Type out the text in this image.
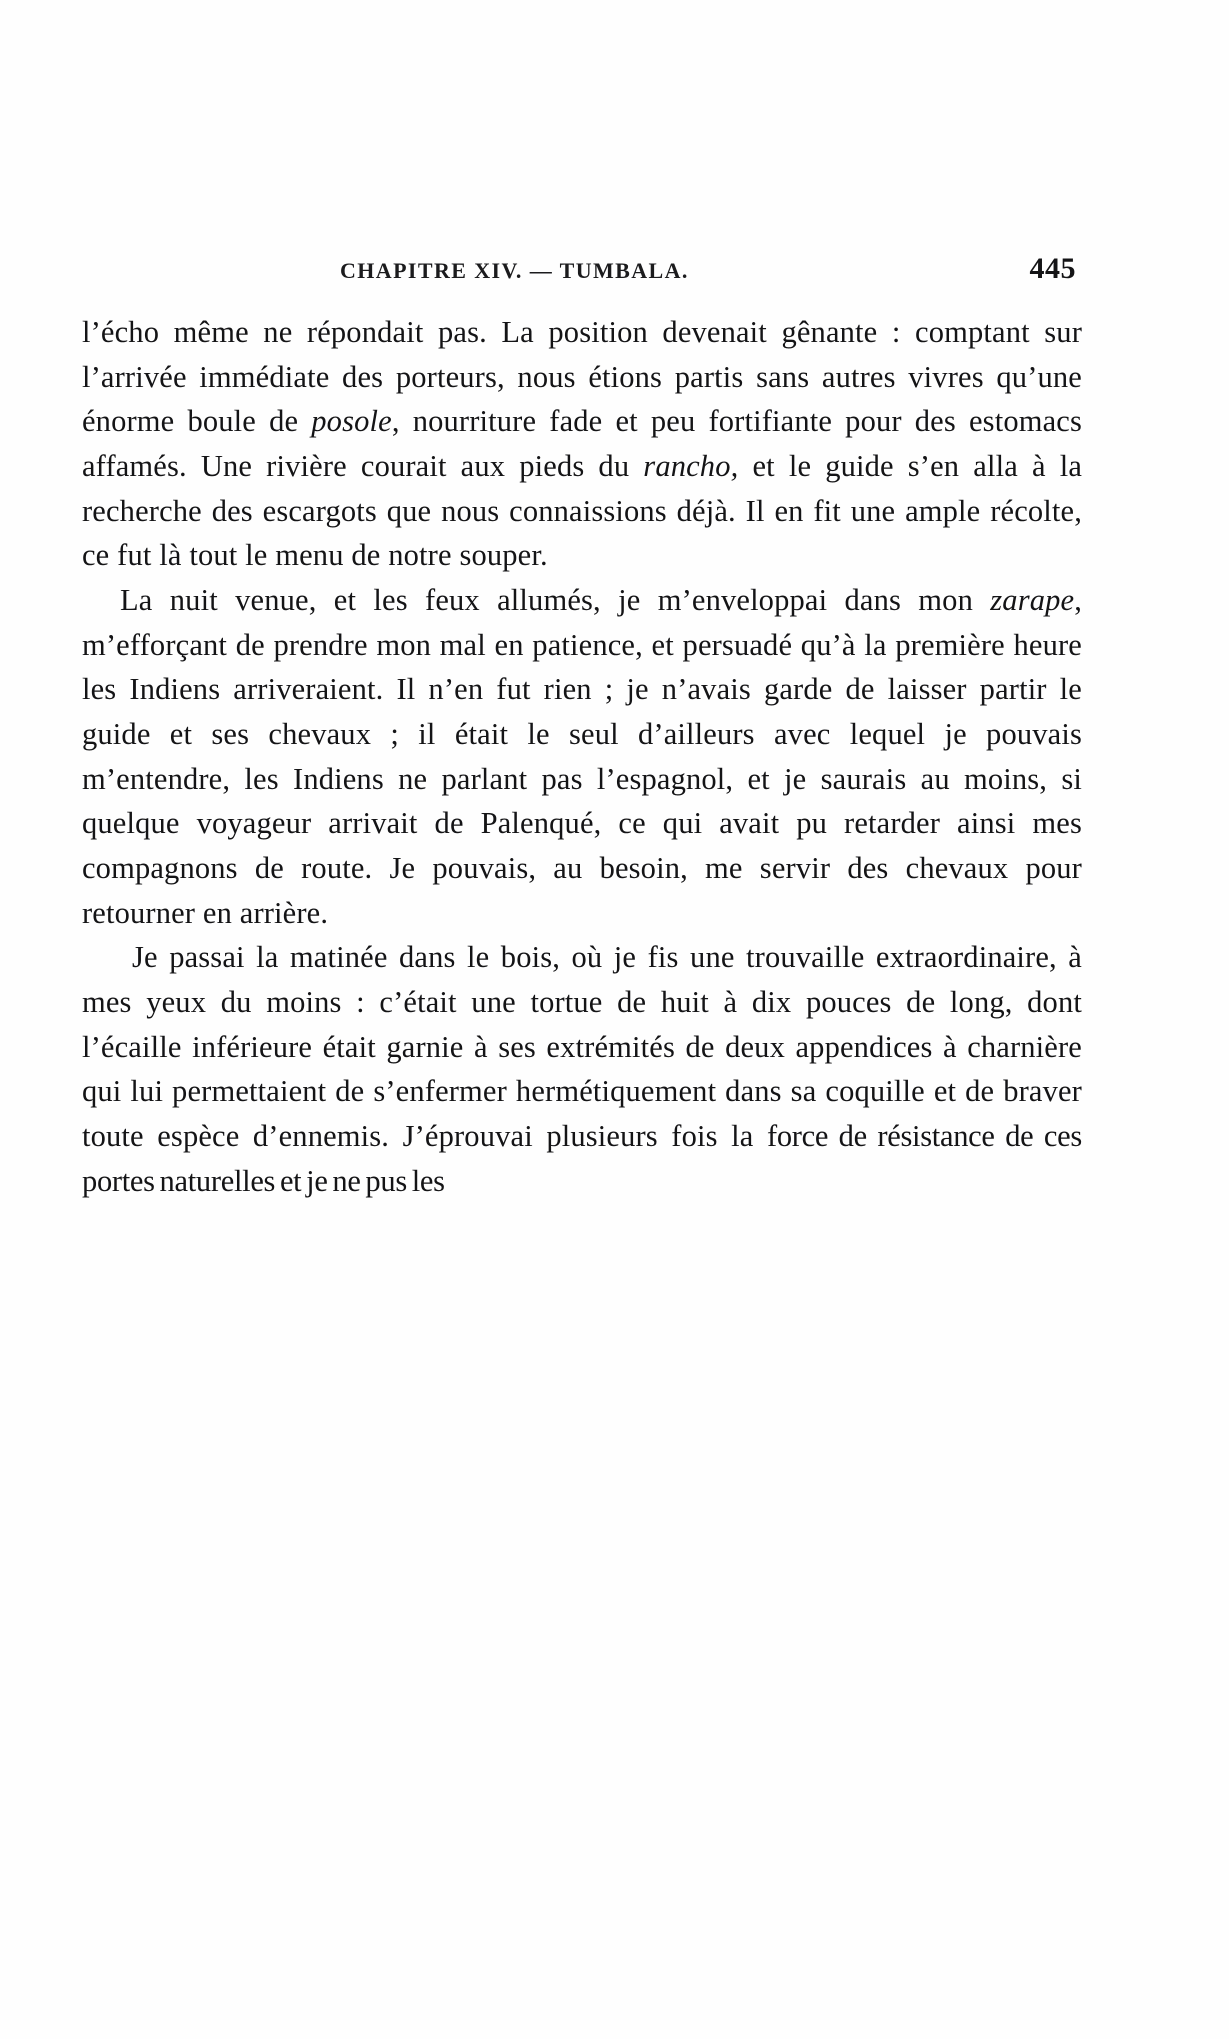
CHAPITRE XIV. — TUMBALA.	445

l’écho même ne répondait pas. La position devenait gênante : comptant sur l’arrivée immédiate des porteurs, nous étions partis sans autres vivres qu’une énorme boule de posole, nourriture fade et peu fortifiante pour des estomacs affamés. Une rivière courait aux pieds du rancho, et le guide s’en alla à la recherche des escargots que nous connaissions déjà. Il en fit une ample récolte, ce fut là tout le menu de notre souper.

La nuit venue, et les feux allumés, je m’enveloppai dans mon zarape, m’efforçant de prendre mon mal en patience, et persuadé qu’à la première heure les Indiens arriveraient. Il n’en fut rien ; je n’avais garde de laisser partir le guide et ses chevaux ; il était le seul d’ailleurs avec lequel je pouvais m’entendre, les Indiens ne parlant pas l’espagnol, et je saurais au moins, si quelque voyageur arrivait de Palenqué, ce qui avait pu retarder ainsi mes compagnons de route. Je pouvais, au besoin, me servir des chevaux pour retourner en arrière.

Je passai la matinée dans le bois, où je fis une trouvaille extraordinaire, à mes yeux du moins : c’était une tortue de huit à dix pouces de long, dont l’écaille inférieure était garnie à ses extrémités de deux appendices à charnière qui lui permettaient de s’enfermer hermétiquement dans sa coquille et de braver toute espèce d’ennemis. J’éprouvai plusieurs fois la force de résistance de ces portes naturelles et je ne pus les
